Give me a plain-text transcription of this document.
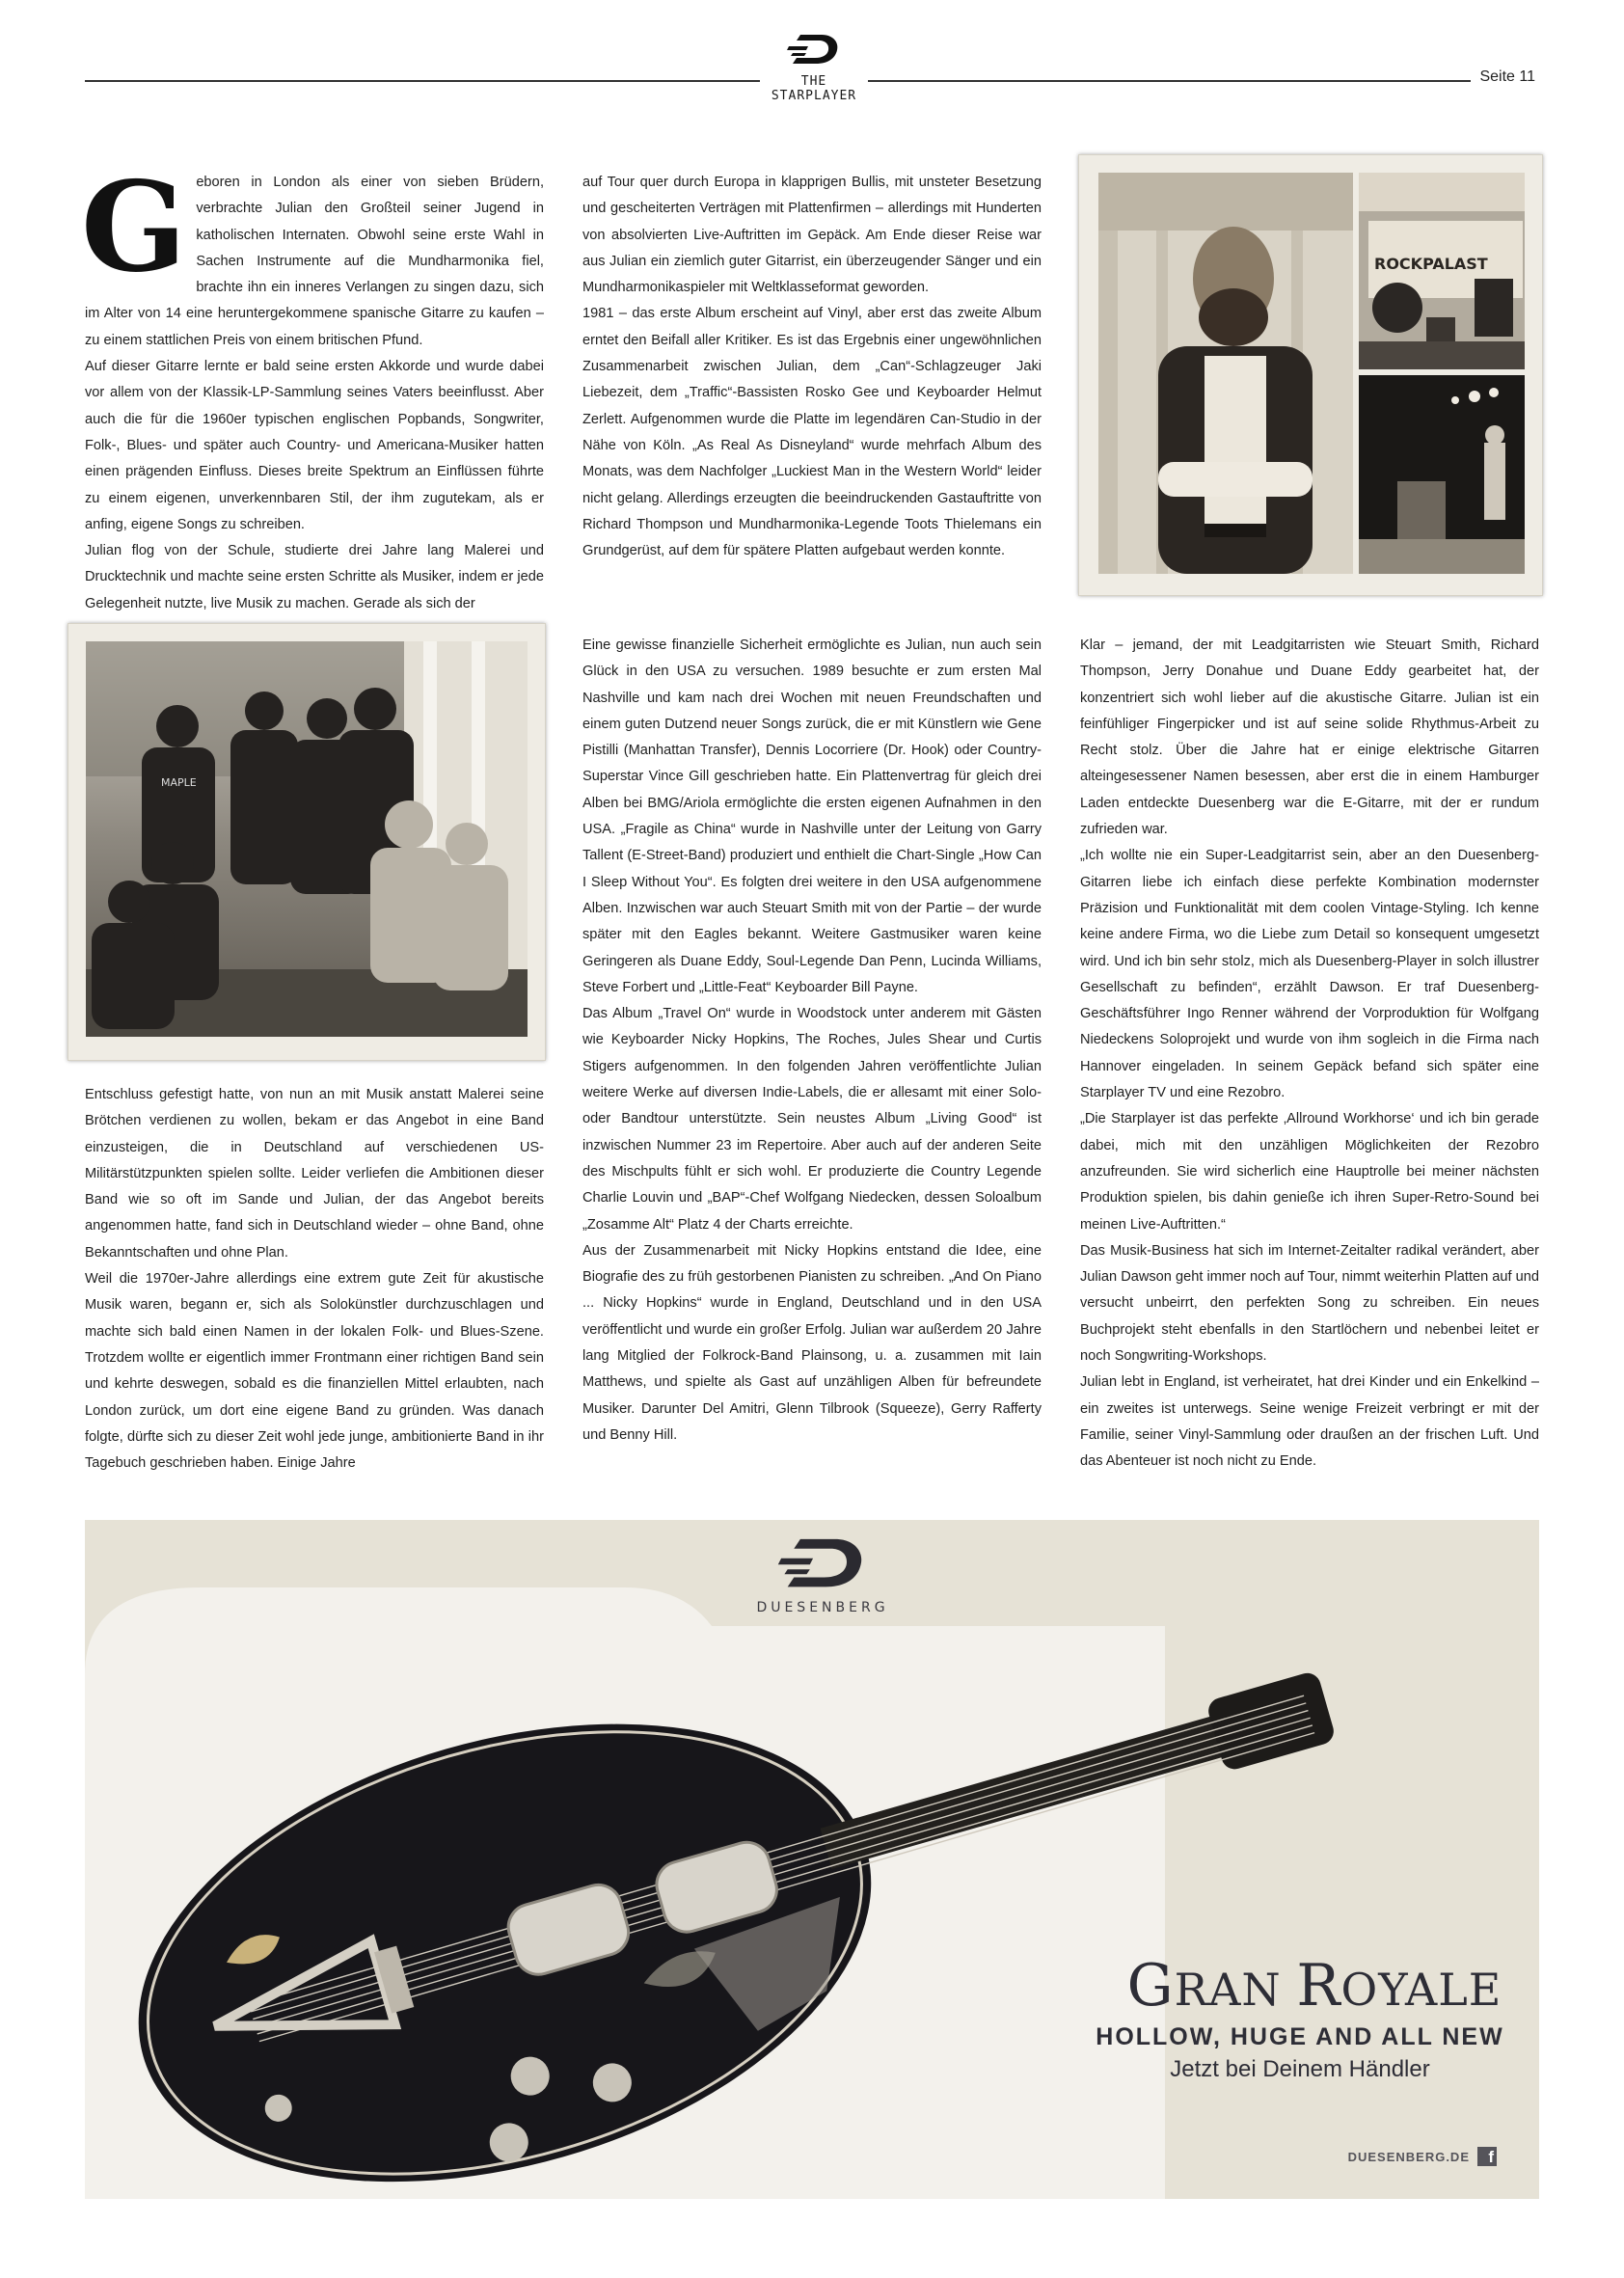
THE STARPLAYER
Seite 11
G eboren in London als einer von sieben Brüdern, verbrachte Julian den Großteil seiner Jugend in katholischen Internaten. Obwohl seine erste Wahl in Sachen Instrumente auf die Mundharmonika fiel, brachte ihn ein inneres Verlangen zu singen dazu, sich im Alter von 14 eine heruntergekommene spanische Gitarre zu kaufen – zu einem stattlichen Preis von einem britischen Pfund.

Auf dieser Gitarre lernte er bald seine ersten Akkorde und wurde dabei vor allem von der Klassik-LP-Sammlung seines Vaters beeinflusst. Aber auch die für die 1960er typischen englischen Popbands, Songwriter, Folk-, Blues- und später auch Country- und Americana-Musiker hatten einen prägenden Einfluss. Dieses breite Spektrum an Einflüssen führte zu einem eigenen, unverkennbaren Stil, der ihm zugutekam, als er anfing, eigene Songs zu schreiben.

Julian flog von der Schule, studierte drei Jahre lang Malerei und Drucktechnik und machte seine ersten Schritte als Musiker, indem er jede Gelegenheit nutzte, live Musik zu machen. Gerade als sich der

MAPLE

Entschluss gefestigt hatte, von nun an mit Musik anstatt Malerei seine Brötchen verdienen zu wollen, bekam er das Angebot in eine Band einzusteigen, die in Deutschland auf verschiedenen US-Militärstützpunkten spielen sollte. Leider verliefen die Ambitionen dieser Band wie so oft im Sande und Julian, der das Angebot bereits angenommen hatte, fand sich in Deutschland wieder – ohne Band, ohne Bekanntschaften und ohne Plan.

Weil die 1970er-Jahre allerdings eine extrem gute Zeit für akustische Musik waren, begann er, sich als Solokünstler durchzuschlagen und machte sich bald einen Namen in der lokalen Folk- und Blues-Szene. Trotzdem wollte er eigentlich immer Frontmann einer richtigen Band sein und kehrte deswegen, sobald es die finanziellen Mittel erlaubten, nach London zurück, um dort eine eigene Band zu gründen. Was danach folgte, dürfte sich zu dieser Zeit wohl jede junge, ambitionierte Band in ihr Tagebuch geschrieben haben. Einige Jahre

auf Tour quer durch Europa in klapprigen Bullis, mit unsteter Besetzung und gescheiterten Verträgen mit Plattenfirmen – allerdings mit Hunderten von absolvierten Live-Auftritten im Gepäck. Am Ende dieser Reise war aus Julian ein ziemlich guter Gitarrist, ein überzeugender Sänger und ein Mundharmonikaspieler mit Weltklasseformat geworden.

1981 – das erste Album erscheint auf Vinyl, aber erst das zweite Album erntet den Beifall aller Kritiker. Es ist das Ergebnis einer ungewöhnlichen Zusammenarbeit zwischen Julian, dem „Can“-Schlagzeuger Jaki Liebezeit, dem „Traffic“-Bassisten Rosko Gee und Keyboarder Helmut Zerlett. Aufgenommen wurde die Platte im legendären Can-Studio in der Nähe von Köln. „As Real As Disneyland“ wurde mehrfach Album des Monats, was dem Nachfolger „Luckiest Man in the Western World“ leider nicht gelang. Allerdings erzeugten die beeindruckenden Gastauftritte von Richard Thompson und Mundharmonika-Legende Toots Thielemans ein Grundgerüst, auf dem für spätere Platten aufgebaut werden konnte.

Eine gewisse finanzielle Sicherheit ermöglichte es Julian, nun auch sein Glück in den USA zu versuchen. 1989 besuchte er zum ersten Mal Nashville und kam nach drei Wochen mit neuen Freundschaften und einem guten Dutzend neuer Songs zurück, die er mit Künstlern wie Gene Pistilli (Manhattan Transfer), Dennis Locorriere (Dr. Hook) oder Country-Superstar Vince Gill geschrieben hatte. Ein Plattenvertrag für gleich drei Alben bei BMG/Ariola ermöglichte die ersten eigenen Aufnahmen in den USA. „Fragile as China“ wurde in Nashville unter der Leitung von Garry Tallent (E-Street-Band) produziert und enthielt die Chart-Single „How Can I Sleep Without You“. Es folgten drei weitere in den USA aufgenommene Alben. Inzwischen war auch Steuart Smith mit von der Partie – der wurde später mit den Eagles bekannt. Weitere Gastmusiker waren keine Geringeren als Duane Eddy, Soul-Legende Dan Penn, Lucinda Williams, Steve Forbert und „Little-Feat“ Keyboarder Bill Payne.

Das Album „Travel On“ wurde in Woodstock unter anderem mit Gästen wie Keyboarder Nicky Hopkins, The Roches, Jules Shear und Curtis Stigers aufgenommen. In den folgenden Jahren veröffentlichte Julian weitere Werke auf diversen Indie-Labels, die er allesamt mit einer Solo- oder Bandtour unterstützte. Sein neustes Album „Living Good“ ist inzwischen Nummer 23 im Repertoire. Aber auch auf der anderen Seite des Mischpults fühlt er sich wohl. Er produzierte die Country Legende Charlie Louvin und „BAP“-Chef Wolfgang Niedecken, dessen Soloalbum „Zosamme Alt“ Platz 4 der Charts erreichte.

Aus der Zusammenarbeit mit Nicky Hopkins entstand die Idee, eine Biografie des zu früh gestorbenen Pianisten zu schreiben. „And On Piano ... Nicky Hopkins“ wurde in England, Deutschland und in den USA veröffentlicht und wurde ein großer Erfolg. Julian war außerdem 20 Jahre lang Mitglied der Folkrock-Band Plainsong, u. a. zusammen mit Iain Matthews, und spielte als Gast auf unzähligen Alben für befreundete Musiker. Darunter Del Amitri, Glenn Tilbrook (Squeeze), Gerry Rafferty und Benny Hill.

ROCKPALAST

Klar – jemand, der mit Leadgitarristen wie Steuart Smith, Richard Thompson, Jerry Donahue und Duane Eddy gearbeitet hat, der konzentriert sich wohl lieber auf die akustische Gitarre. Julian ist ein feinfühliger Fingerpicker und ist auf seine solide Rhythmus-Arbeit zu Recht stolz. Über die Jahre hat er einige elektrische Gitarren alteingesessener Namen besessen, aber erst die in einem Hamburger Laden entdeckte Duesenberg war die E-Gitarre, mit der er rundum zufrieden war.

„Ich wollte nie ein Super-Leadgitarrist sein, aber an den Duesenberg-Gitarren liebe ich einfach diese perfekte Kombination modernster Präzision und Funktionalität mit dem coolen Vintage-Styling. Ich kenne keine andere Firma, wo die Liebe zum Detail so konsequent umgesetzt wird. Und ich bin sehr stolz, mich als Duesenberg-Player in solch illustrer Gesellschaft zu befinden“, erzählt Dawson. Er traf Duesenberg-Geschäftsführer Ingo Renner während der Vorproduktion für Wolfgang Niedeckens Soloprojekt und wurde von ihm sogleich in die Firma nach Hannover eingeladen. In seinem Gepäck befand sich später eine Starplayer TV und eine Rezobro.

„Die Starplayer ist das perfekte ‚Allround Workhorse‘ und ich bin gerade dabei, mich mit den unzähligen Möglichkeiten der Rezobro anzufreunden. Sie wird sicherlich eine Hauptrolle bei meiner nächsten Produktion spielen, bis dahin genieße ich ihren Super-Retro-Sound bei meinen Live-Auftritten.“

Das Musik-Business hat sich im Internet-Zeitalter radikal verändert, aber Julian Dawson geht immer noch auf Tour, nimmt weiterhin Platten auf und versucht unbeirrt, den perfekten Song zu schreiben. Ein neues Buchprojekt steht ebenfalls in den Startlöchern und nebenbei leitet er noch Songwriting-Workshops.

Julian lebt in England, ist verheiratet, hat drei Kinder und ein Enkelkind – ein zweites ist unterwegs. Seine wenige Freizeit verbringt er mit der Familie, seiner Vinyl-Sammlung oder draußen an der frischen Luft. Und das Abenteuer ist noch nicht zu Ende.

DUESENBERG
GRAN ROYALE
HOLLOW, HUGE AND ALL NEW
Jetzt bei Deinem Händler
DUESENBERG.DE	f
